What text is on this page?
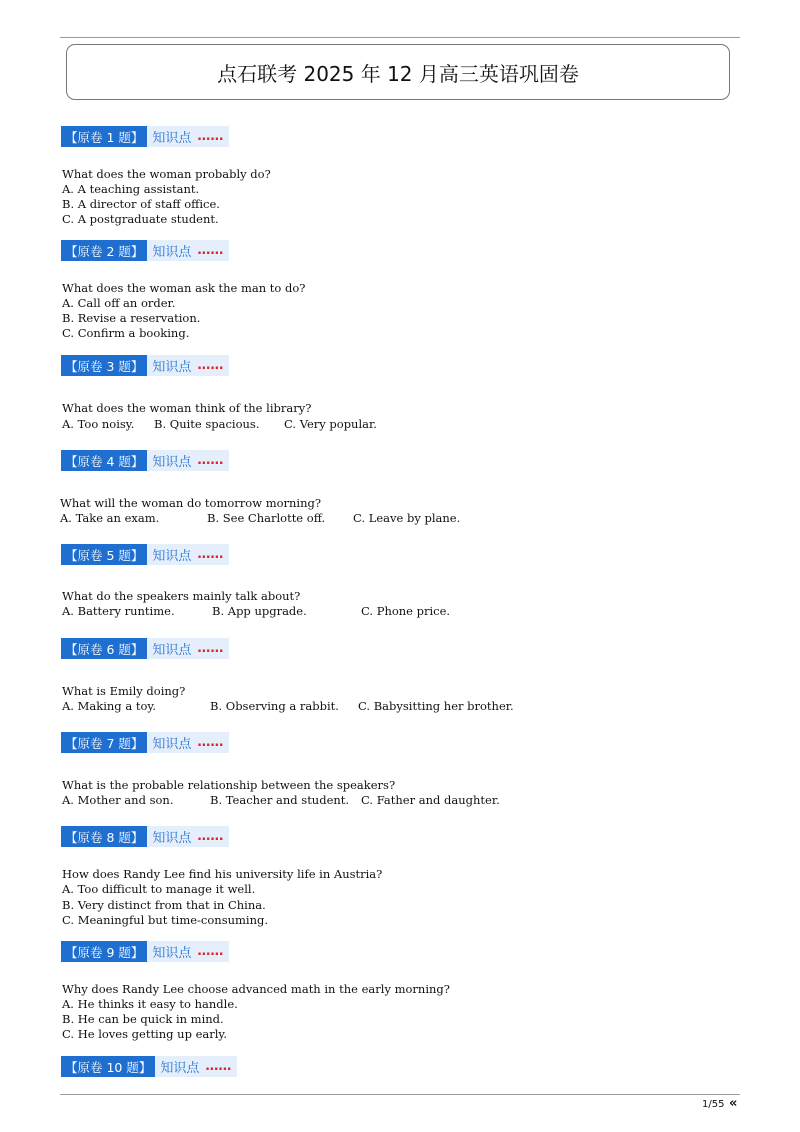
点石联考 2025 年 12 月高三英语巩固卷
【原卷 1 题】 知识点 ……
What does the woman probably do?
A. A teaching assistant.
B. A director of staff office.
C. A postgraduate student.
【原卷 2 题】 知识点 ……
What does the woman ask the man to do?
A. Call off an order.
B. Revise a reservation.
C. Confirm a booking.
【原卷 3 题】 知识点 ……
What does the woman think of the library?
A. Too noisy. B. Quite spacious. C. Very popular.
【原卷 4 题】 知识点 ……
What will the woman do tomorrow morning?
A. Take an exam.	B. See Charlotte off. C. Leave by plane.
【原卷 5 题】 知识点 ……
What do the speakers mainly talk about?
A. Battery runtime.	B. App upgrade.	C. Phone price.
【原卷 6 题】 知识点 ……
What is Emily doing?
A. Making a toy.	B. Observing a rabbit. C. Babysitting her brother.
【原卷 7 题】 知识点 ……
What is the probable relationship between the speakers?
A. Mother and son.	B. Teacher and student. C. Father and daughter.
【原卷 8 题】 知识点 ……
How does Randy Lee find his university life in Austria?
A. Too difficult to manage it well.
B. Very distinct from that in China.
C. Meaningful but time-consuming.
【原卷 9 题】 知识点 ……
Why does Randy Lee choose advanced math in the early morning?
A. He thinks it easy to handle.
B. He can be quick in mind.
C. He loves getting up early.
【原卷 10 题】 知识点 ……
1/55 «
